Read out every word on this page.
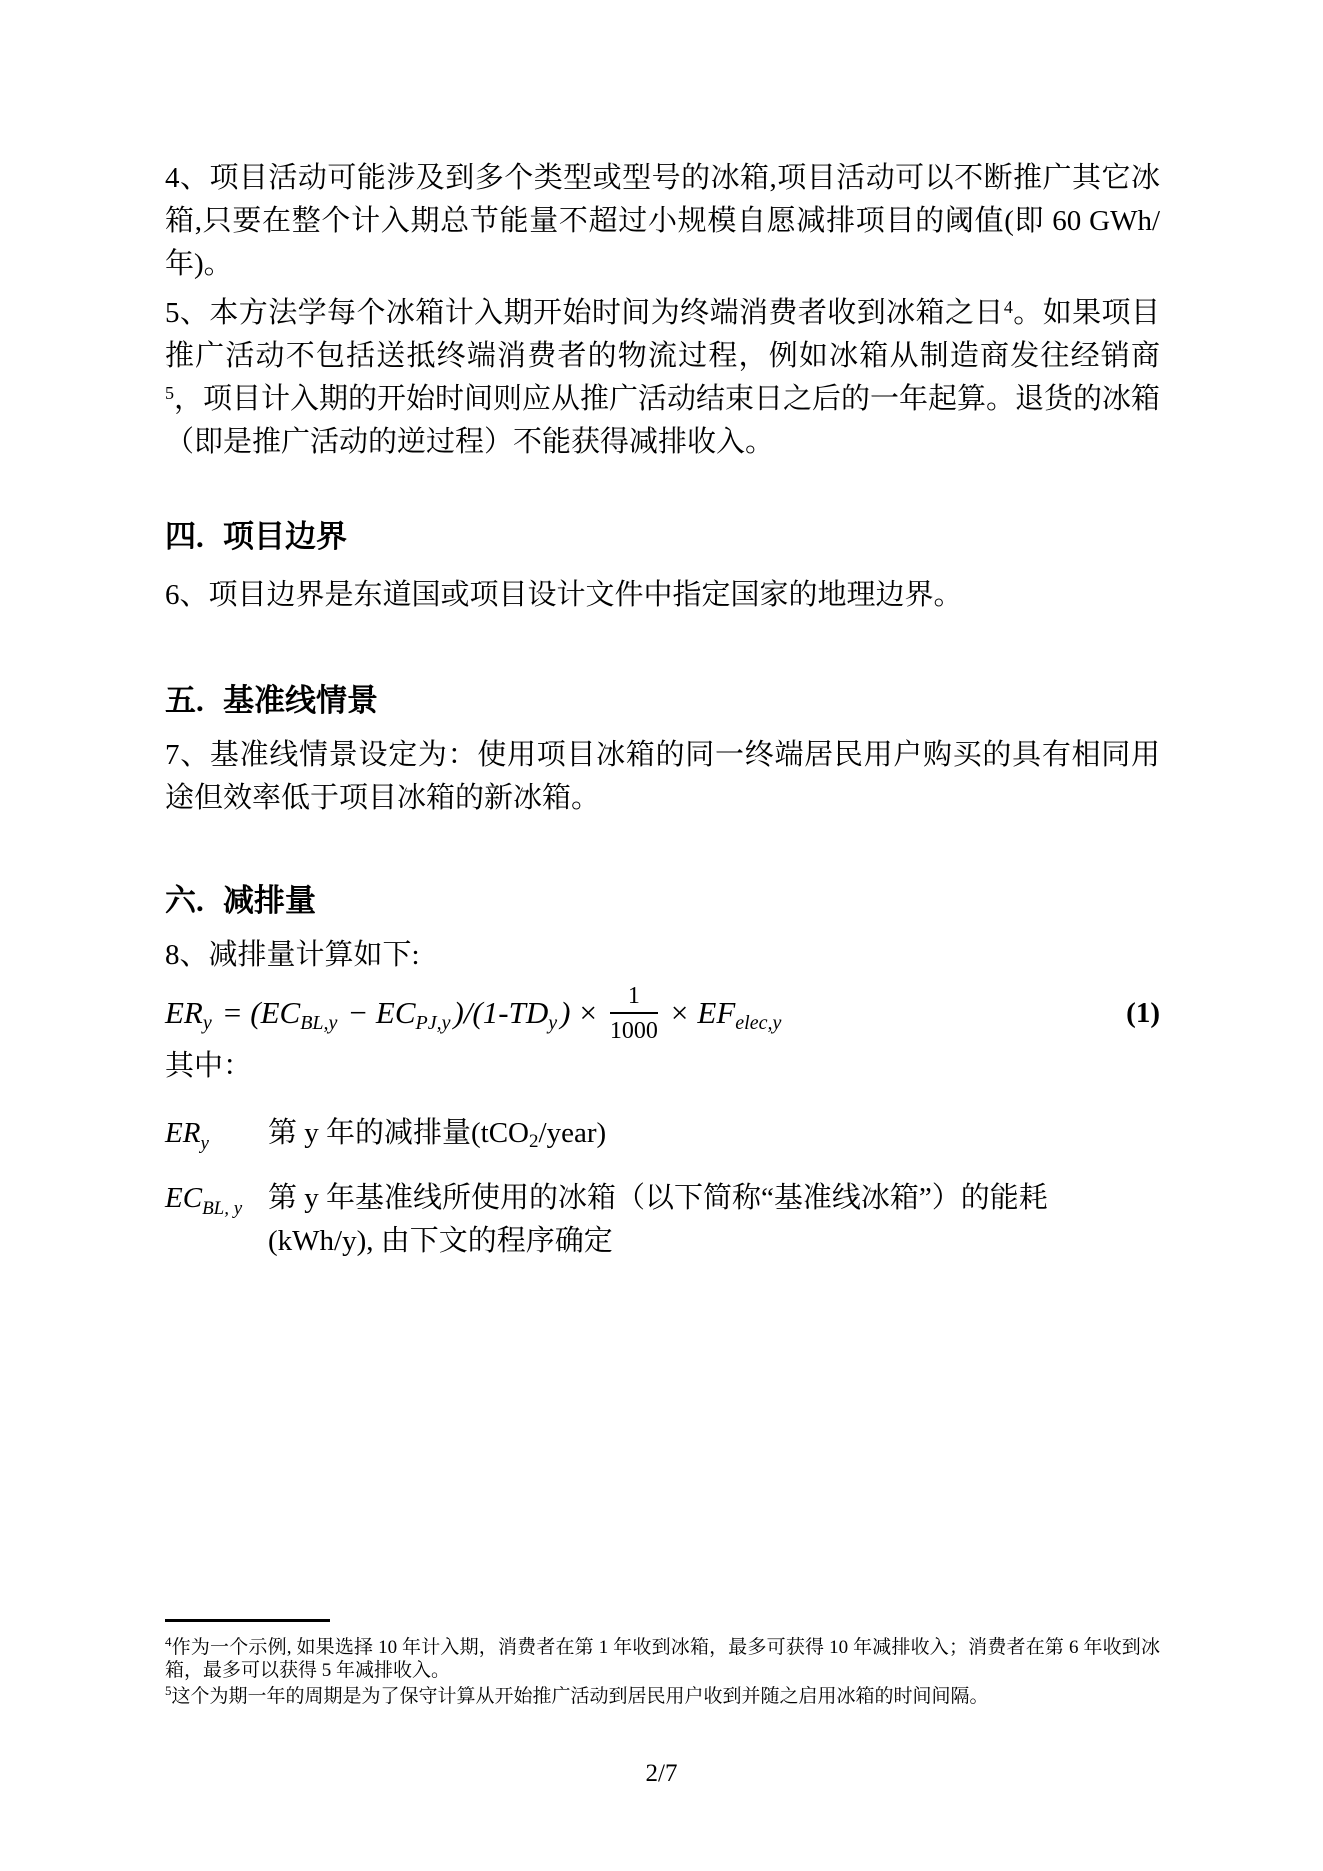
4、项目活动可能涉及到多个类型或型号的冰箱,项目活动可以不断推广其它冰箱,只要在整个计入期总节能量不超过小规模自愿减排项目的阈值(即 60 GWh/年)。

5、本方法学每个冰箱计入期开始时间为终端消费者收到冰箱之日$^4$。如果项目推广活动不包括送抵终端消费者的物流过程，例如冰箱从制造商发往经销商$^5$，项目计入期的开始时间则应从推广活动结束日之后的一年起算。退货的冰箱（即是推广活动的逆过程）不能获得减排收入。

四. 项目边界

6、项目边界是东道国或项目设计文件中指定国家的地理边界。

五. 基准线情景

7、基准线情景设定为：使用项目冰箱的同一终端居民用户购买的具有相同用途但效率低于项目冰箱的新冰箱。

六. 减排量

8、减排量计算如下:

ER y = (EC BL,y − EC PJ,y )/(1-TD y ) × $\frac{1}{1000}$ × EF elec,y	(1)

其中：

$ER_y$	第 y 年的减排量(tCO2/year)
$EC_{BL, y}$ 第 y 年基准线所使用的冰箱（以下简称“基准线冰箱”）的能耗
(kWh/y), 由下文的程序确定

$^4$作为一个示例, 如果选择 10 年计入期，消费者在第 1 年收到冰箱，最多可获得 10 年减排收入；消费者在第 6 年收到冰箱，最多可以获得 5 年减排收入。

$^5$这个为期一年的周期是为了保守计算从开始推广活动到居民用户收到并随之启用冰箱的时间间隔。

2/7
